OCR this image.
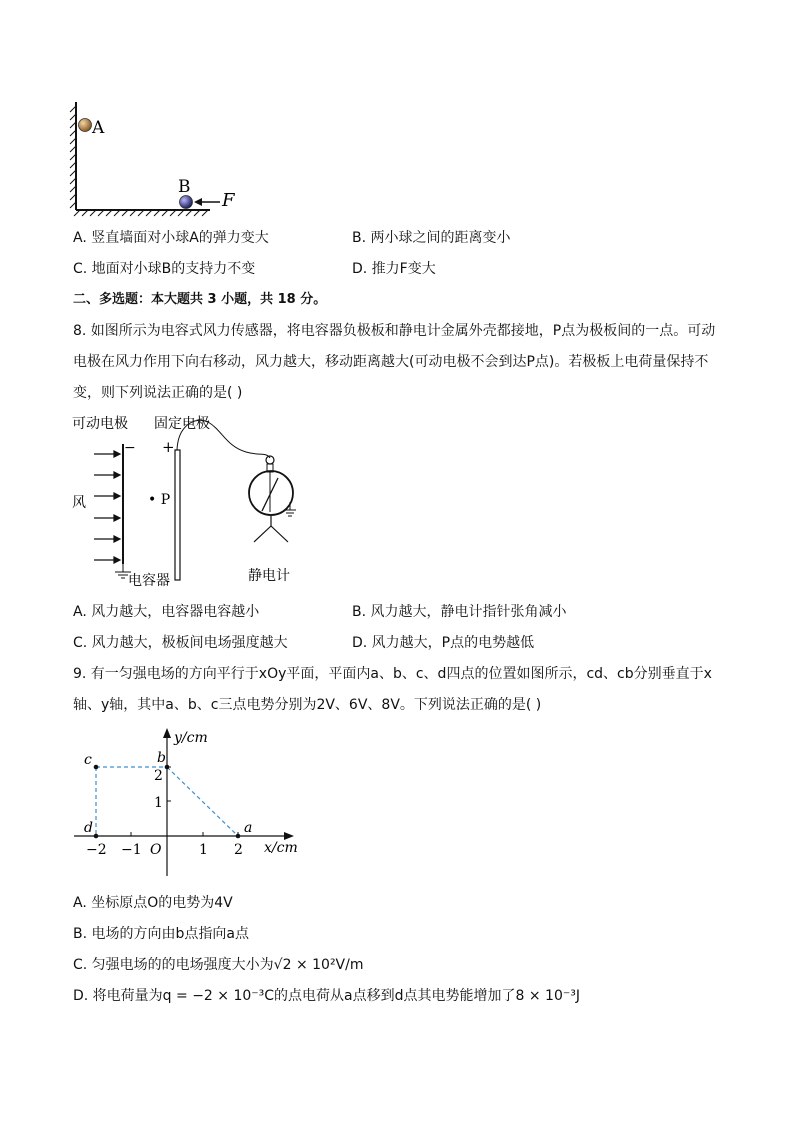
A
B
F
A. 竖直墙面对小球A的弹力变大	B. 两小球之间的距离变小
C. 地面对小球B的支持力不变	D. 推力F变大
二、多选题：本大题共 3 小题，共 18 分。
8. 如图所示为电容式风力传感器，将电容器负极板和静电计金属外壳都接地，P点为极板间的一点。可动
电极在风力作用下向右移动，风力越大，移动距离越大(可动电极不会到达P点)。若极板上电荷量保持不
变，则下列说法正确的是( )
可动电极 固定电极
− +
风	• P
电容器	静电计
A. 风力越大，电容器电容越小	B. 风力越大，静电计指针张角减小
C. 风力越大，极板间电场强度越大	D. 风力越大，P点的电势越低
9. 有一匀强电场的方向平行于xOy平面，平面内a、b、c、d四点的位置如图所示，cd、cb分别垂直于x
轴、y轴，其中a、b、c三点电势分别为2V、6V、8V。下列说法正确的是( )
y/cm
x/cm
−2 −1	1 2
1
2
O
c	b
d	a
A. 坐标原点O的电势为4V
B. 电场的方向由b点指向a点
C. 匀强电场的的电场强度大小为√2 × 10²V/m
D. 将电荷量为q = −2 × 10⁻³C的点电荷从a点移到d点其电势能增加了8 × 10⁻³J
